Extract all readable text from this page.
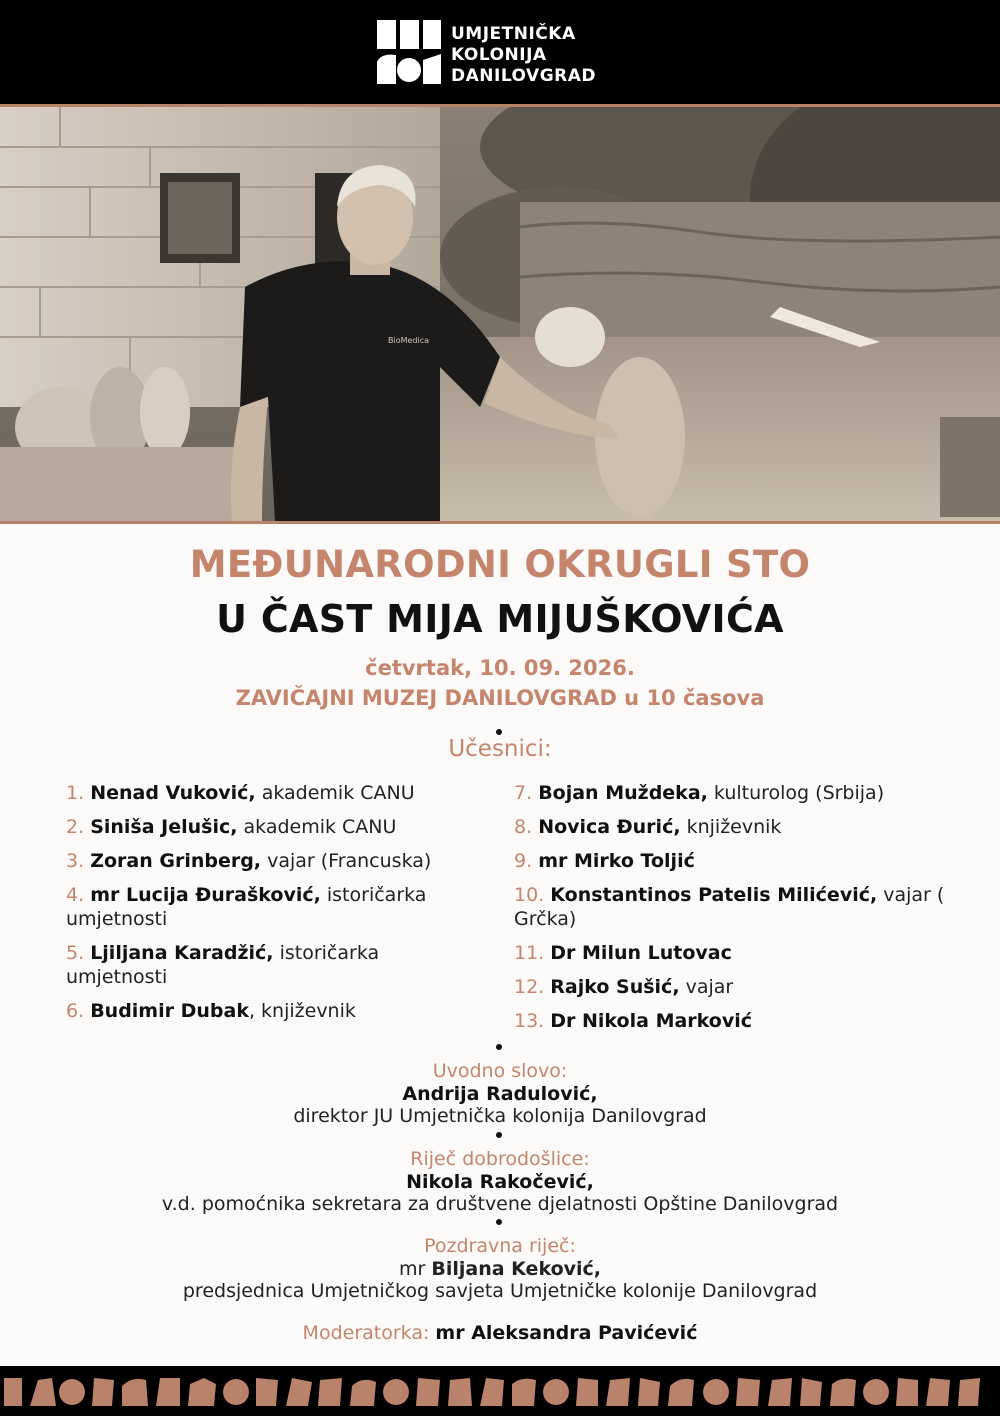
UMJETNIČKA
KOLONIJA
DANILOVGRAD
BioMedica
MEĐUNARODNI OKRUGLI STO
U ČAST MIJA MIJUŠKOVIĆA
četvrtak, 10. 09. 2026.
ZAVIČAJNI MUZEJ DANILOVGRAD u 10 časova
Učesnici:
1. Nenad Vuković, akademik CANU
2. Siniša Jelušic, akademik CANU
3. Zoran Grinberg, vajar (Francuska)
4. mr Lucija Đurašković, istoričarka umjetnosti
5. Ljiljana Karadžić, istoričarka umjetnosti
6. Budimir Dubak, književnik
7. Bojan Muždeka, kulturolog (Srbija)
8. Novica Đurić, književnik
9. mr Mirko Toljić
10. Konstantinos Patelis Milićević, vajar ( Grčka)
11. Dr Milun Lutovac
12. Rajko Sušić, vajar
13. Dr Nikola Marković
Uvodno slovo:
Andrija Radulović,
direktor JU Umjetnička kolonija Danilovgrad
Riječ dobrodošlice:
Nikola Rakočević,
v.d. pomoćnika sekretara za društvene djelatnosti Opštine Danilovgrad
Pozdravna riječ:
mr Biljana Keković,
predsjednica Umjetničkog savjeta Umjetničke kolonije Danilovgrad
Moderatorka: mr Aleksandra Pavićević
